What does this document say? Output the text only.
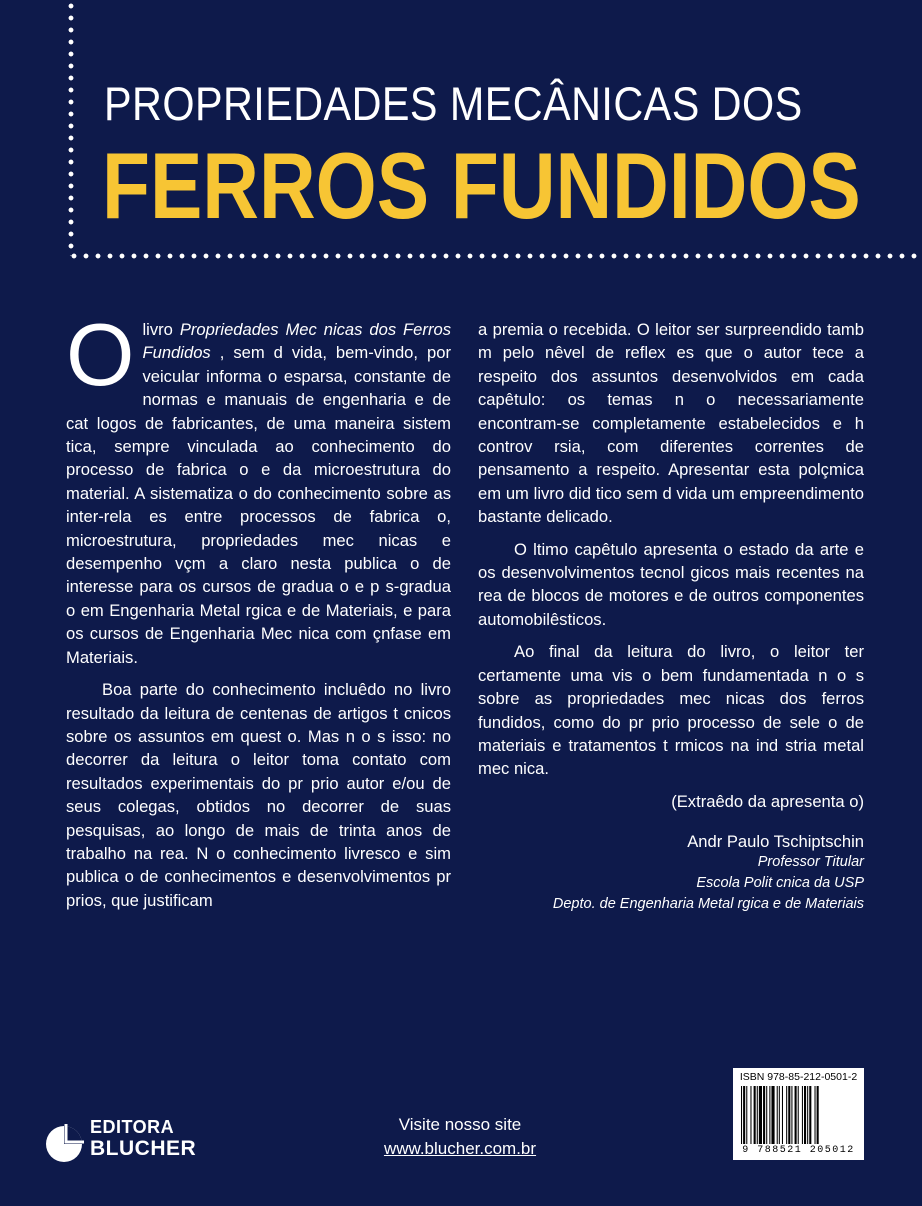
PROPRIEDADES MECÂNICAS DOS
FERROS FUNDIDOS

O livro Propriedades Mec nicas dos Ferros Fundidos , sem d vida, bem-vindo, por veicular informa o esparsa, constante de normas e manuais de engenharia e de cat logos de fabricantes, de uma maneira sistem tica, sempre vinculada ao conhecimento do processo de fabrica o e da microestrutura do material. A sistematiza o do conhecimento sobre as inter-rela es entre processos de fabrica o, microestrutura, propriedades mec nicas e desempenho vçm a claro nesta publica o de interesse para os cursos de gradua o e p s-gradua o em Engenharia Metal rgica e de Materiais, e para os cursos de Engenharia Mec nica com çnfase em Materiais.

Boa parte do conhecimento incluêdo no livro resultado da leitura de centenas de artigos t cnicos sobre os assuntos em quest o. Mas n o s isso: no decorrer da leitura o leitor toma contato com resultados experimentais do pr prio autor e/ou de seus colegas, obtidos no decorrer de suas pesquisas, ao longo de mais de trinta anos de trabalho na rea. N o conhecimento livresco e sim publica o de conhecimentos e desenvolvimentos pr prios, que justificam

a premia o recebida. O leitor ser surpreendido tamb m pelo nêvel de reflex es que o autor tece a respeito dos assuntos desenvolvidos em cada capêtulo: os temas n o necessariamente encontram-se completamente estabelecidos e h controv rsia, com diferentes correntes de pensamento a respeito. Apresentar esta polçmica em um livro did tico sem d vida um empreendimento bastante delicado.

O ltimo capêtulo apresenta o estado da arte e os desenvolvimentos tecnol gicos mais recentes na rea de blocos de motores e de outros componentes automobilêsticos.

Ao final da leitura do livro, o leitor ter certamente uma vis o bem fundamentada n o s sobre as propriedades mec nicas dos ferros fundidos, como do pr prio processo de sele o de materiais e tratamentos t rmicos na ind stria metal mec nica.

(Extraêdo da apresenta o)

Andr Paulo Tschiptschin
Professor Titular
Escola Polit cnica da USP
Depto. de Engenharia Metal rgica e de Materiais
EDITORA
BLUCHER
Visite nosso site
www.blucher.com.br
ISBN 978-85-212-0501-2
9 788521 205012
